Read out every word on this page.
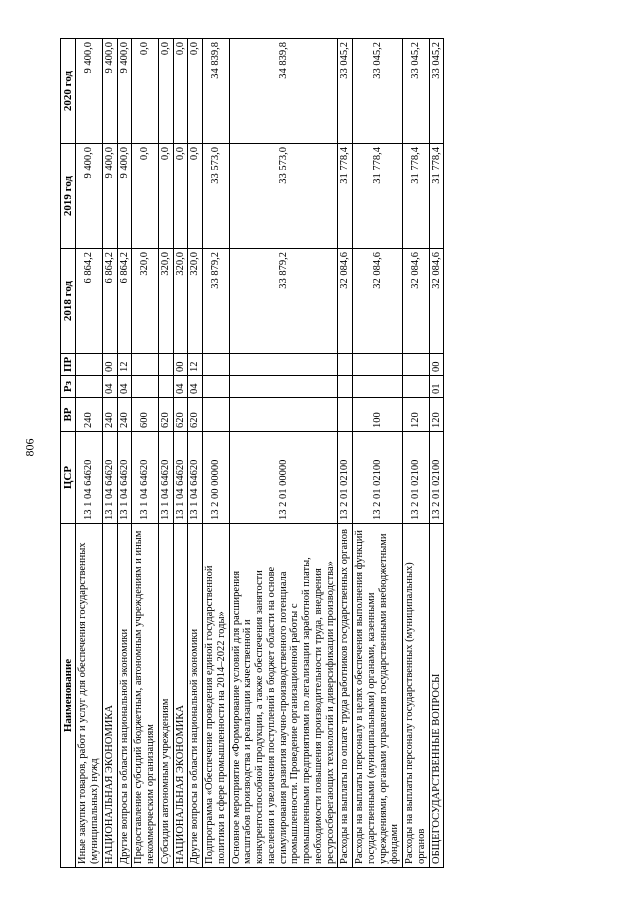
806
Наименование	ЦСР	ВР	Рз	ПР	2018 год	2019 год	2020 год
Иные закупки товаров, работ и услуг для обеспечения государственных (муниципальных) нужд	13 1 04 64620	240			6 864,2	9 400,0	9 400,0
НАЦИОНАЛЬНАЯ ЭКОНОМИКА	13 1 04 64620	240	04	00	6 864,2	9 400,0	9 400,0
Другие вопросы в области национальной экономики	13 1 04 64620	240	04	12	6 864,2	9 400,0	9 400,0
Предоставление субсидий бюджетным, автономным учреждениям и иным некоммерческим организациям	13 1 04 64620	600			320,0	0,0	0,0
Субсидии автономным учреждениям	13 1 04 64620	620			320,0	0,0	0,0
НАЦИОНАЛЬНАЯ ЭКОНОМИКА	13 1 04 64620	620	04	00	320,0	0,0	0,0
Другие вопросы в области национальной экономики	13 1 04 64620	620	04	12	320,0	0,0	0,0
Подпрограмма «Обеспечение проведения единой государственной политики в сфере промышленности на 2014–2022 годы»	13 2 00 00000				33 879,2	33 573,0	34 839,8
Основное мероприятие «Формирование условий для расширения масштабов производства и реализации качественной и конкурентоспособной продукции, а также обеспечения занятости населения и увеличения поступлений в бюджет области на основе стимулирования развития научно-производственного потенциала промышленности. Проведение организационной работы с промышленными предприятиями по легализации заработной платы, необходимости повышения производительности труда, внедрения ресурсосберегающих технологий и диверсификации производства»	13 2 01 00000				33 879,2	33 573,0	34 839,8
Расходы на выплаты по оплате труда работников государственных органов	13 2 01 02100				32 084,6	31 778,4	33 045,2
Расходы на выплаты персоналу в целях обеспечения выполнения функций государственными (муниципальными) органами, казенными учреждениями, органами управления государственными внебюджетными фондами	13 2 01 02100	100			32 084,6	31 778,4	33 045,2
Расходы на выплаты персоналу государственных (муниципальных) органов	13 2 01 02100	120			32 084,6	31 778,4	33 045,2
ОБЩЕГОСУДАРСТВЕННЫЕ ВОПРОСЫ	13 2 01 02100	120	01	00	32 084,6	31 778,4	33 045,2
